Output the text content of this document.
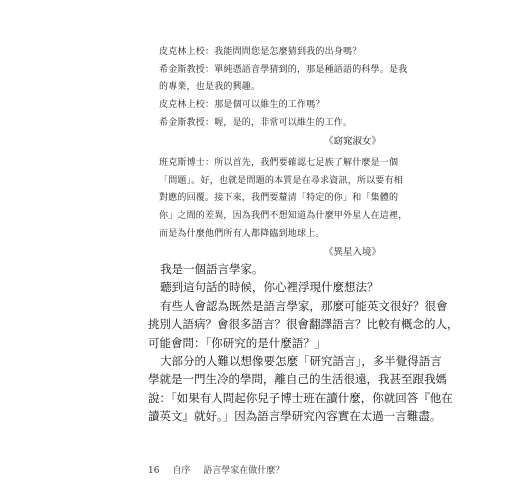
皮克林上校：我能問問您是怎麼猜到我的出身嗎？
希金斯教授：單純憑語音學猜到的，那是種語語的科學。是我
的專業，也是我的興趣。
皮克林上校：那是個可以維生的工作嗎？
希金斯教授：喔，是的，非常可以維生的工作。
《窈窕淑女》
班克斯博士：所以首先，我們要確認七足族了解什麼是一個
「問題」。好，也就是問題的本質是在尋求資訊，所以要有相
對應的回覆。接下來，我們要釐清「特定的你」和「集體的
你」之間的差異，因為我們不想知道為什麼甲外星人在這裡，
而是為什麼他們所有人都降臨到地球上。
《異星入境》
我是一個語言學家。
聽到這句話的時候，你心裡浮現什麼想法？
有些人會認為既然是語言學家，那麼可能英文很好？很會
挑別人語病？會很多語言？很會翻譯語言？比較有概念的人，
可能會問：「你研究的是什麼語？」
大部分的人難以想像要怎麼「研究語言」，多半覺得語言
學就是一門生冷的學問，離自己的生活很遠，我甚至跟我媽
說：「如果有人問起你兒子博士班在讀什麼，你就回答『他在
讀英文』就好。」因為語言學研究內容實在太過一言難盡。
16 自序 語言學家在做什麼？
